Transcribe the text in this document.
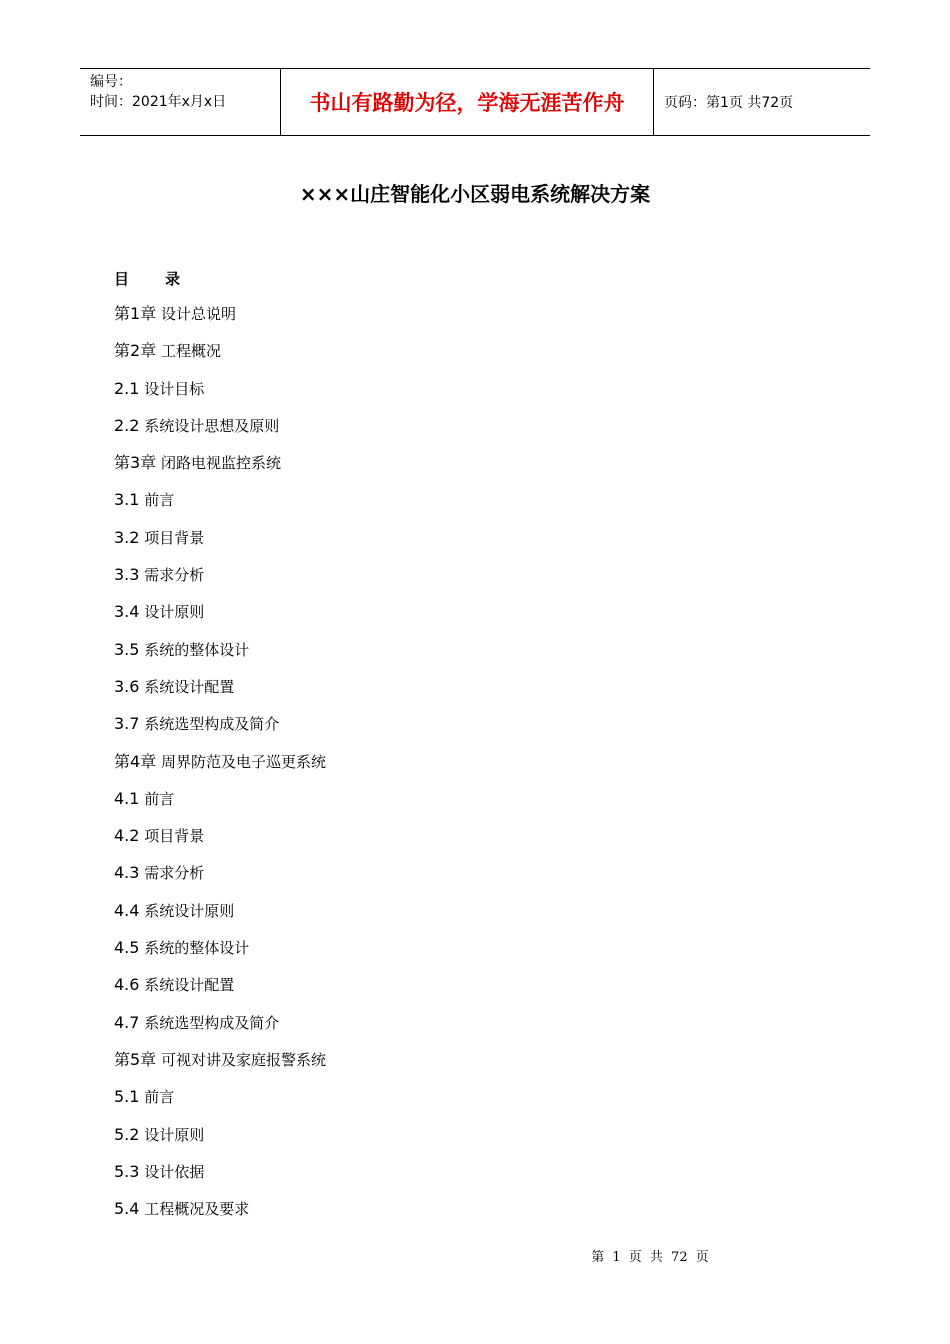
编号：
时间：2021年x月x日	书山有路勤为径，学海无涯苦作舟	页码：第1页 共72页
×××山庄智能化小区弱电系统解决方案
目 录
第1章 设计总说明
第2章 工程概况
2.1 设计目标
2.2 系统设计思想及原则
第3章 闭路电视监控系统
3.1 前言
3.2 项目背景
3.3 需求分析
3.4 设计原则
3.5 系统的整体设计
3.6 系统设计配置
3.7 系统选型构成及简介
第4章 周界防范及电子巡更系统
4.1 前言
4.2 项目背景
4.3 需求分析
4.4 系统设计原则
4.5 系统的整体设计
4.6 系统设计配置
4.7 系统选型构成及简介
第5章 可视对讲及家庭报警系统
5.1 前言
5.2 设计原则
5.3 设计依据
5.4 工程概况及要求
第 1 页 共 72 页
